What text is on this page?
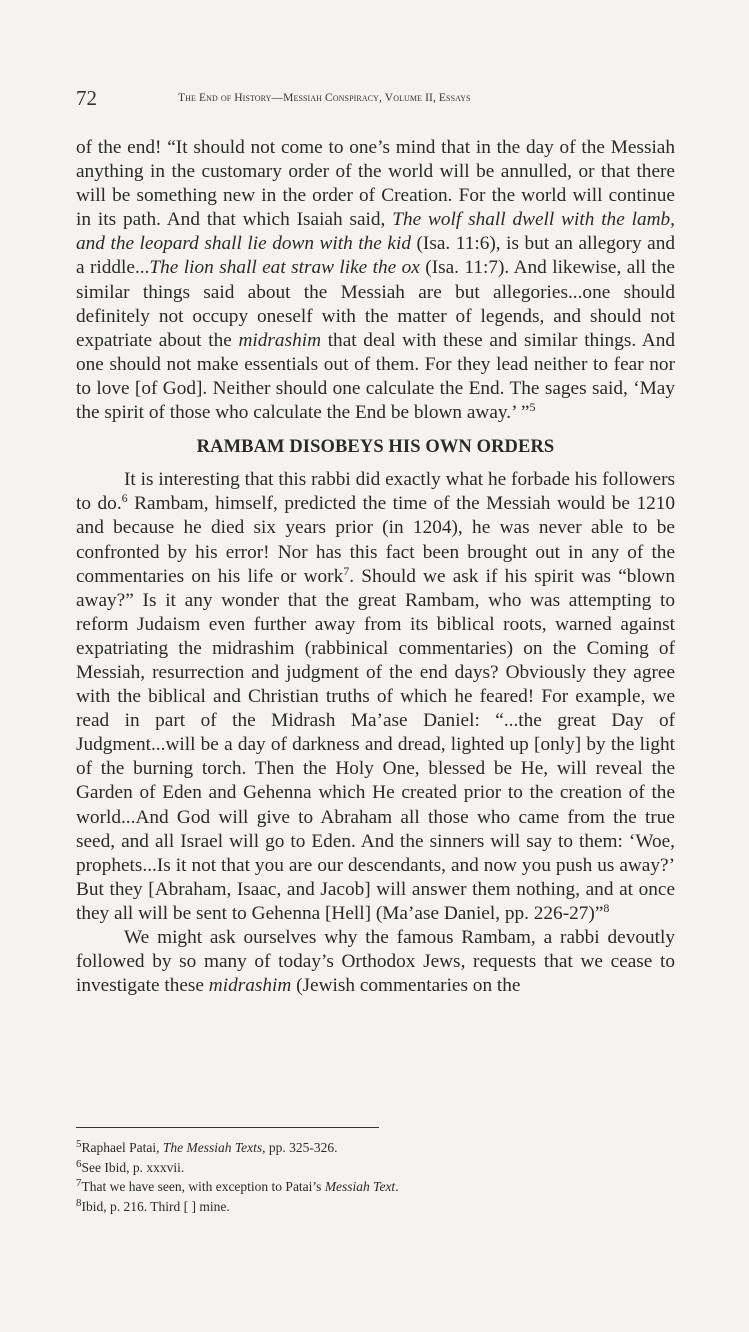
72	The End of History—Messiah Conspiracy, Volume II, Essays

of the end! “It should not come to one’s mind that in the day of the Messiah anything in the customary order of the world will be annulled, or that there will be something new in the order of Creation. For the world will continue in its path. And that which Isaiah said, The wolf shall dwell with the lamb, and the leopard shall lie down with the kid (Isa. 11:6), is but an allegory and a riddle...The lion shall eat straw like the ox (Isa. 11:7). And likewise, all the similar things said about the Messiah are but allegories...one should definitely not occupy oneself with the matter of legends, and should not expatriate about the midrashim that deal with these and similar things. And one should not make essentials out of them. For they lead neither to fear nor to love [of God]. Neither should one calculate the End. The sages said, ‘May the spirit of those who calculate the End be blown away.’ ”$^5$

RAMBAM DISOBEYS HIS OWN ORDERS

It is interesting that this rabbi did exactly what he forbade his followers to do.$^6$ Rambam, himself, predicted the time of the Messiah would be 1210 and because he died six years prior (in 1204), he was never able to be confronted by his error! Nor has this fact been brought out in any of the commentaries on his life or work$^7$. Should we ask if his spirit was “blown away?” Is it any wonder that the great Rambam, who was attempting to reform Judaism even further away from its biblical roots, warned against expatriating the midrashim (rabbinical commentaries) on the Coming of Messiah, resurrection and judgment of the end days? Obviously they agree with the biblical and Christian truths of which he feared! For example, we read in part of the Midrash Ma’ase Daniel: “...the great Day of Judgment...will be a day of darkness and dread, lighted up [only] by the light of the burning torch. Then the Holy One, blessed be He, will reveal the Garden of Eden and Gehenna which He created prior to the creation of the world...And God will give to Abraham all those who came from the true seed, and all Israel will go to Eden. And the sinners will say to them: ‘Woe, prophets...Is it not that you are our descendants, and now you push us away?’ But they [Abraham, Isaac, and Jacob] will answer them nothing, and at once they all will be sent to Gehenna [Hell] (Ma’ase Daniel, pp. 226-27)”$^8$

We might ask ourselves why the famous Rambam, a rabbi devoutly followed by so many of today’s Orthodox Jews, requests that we cease to investigate these midrashim (Jewish commentaries on the

$^5$Raphael Patai, The Messiah Texts, pp. 325-326.
$^6$See Ibid, p. xxxvii.
$^7$That we have seen, with exception to Patai’s Messiah Text.
$^8$Ibid, p. 216. Third [ ] mine.
